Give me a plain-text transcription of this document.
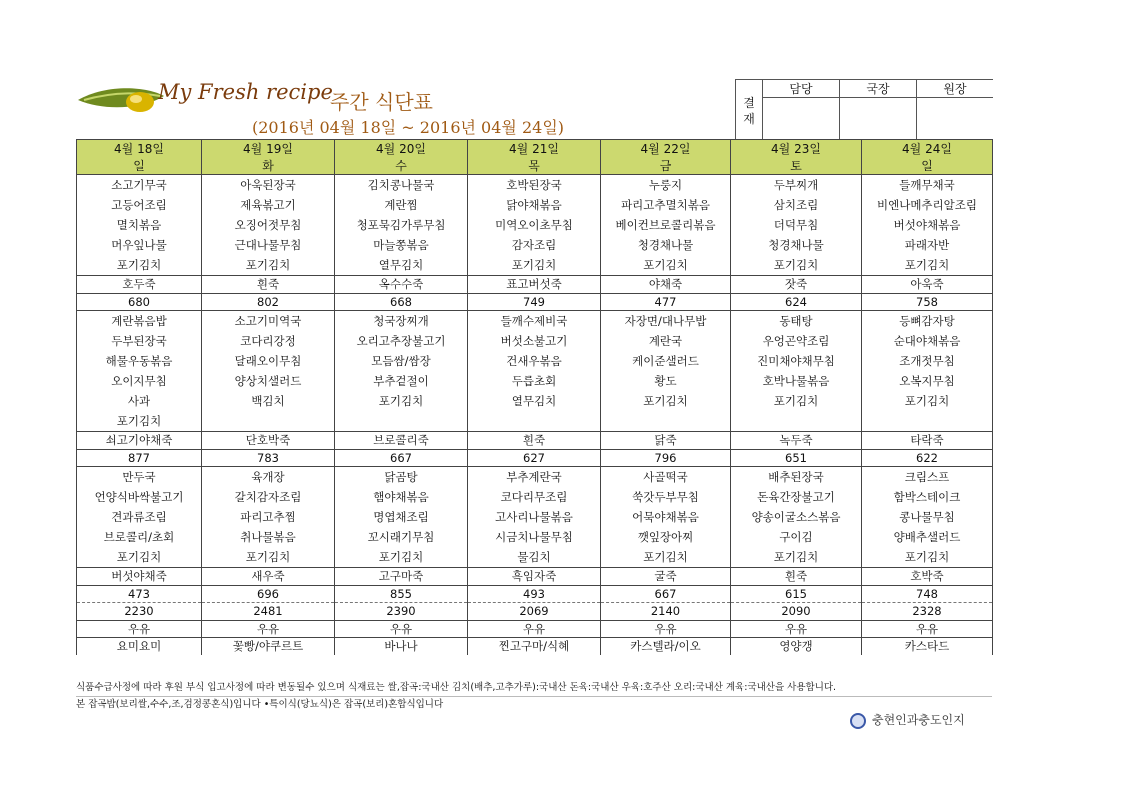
My Fresh recipe
주간 식단표
(2016년 04월 18일 ~ 2016년 04월 24일)
결
재	담당	국장	원장

4월 18일	4월 19일	4월 20일	4월 21일	4월 22일	4월 23일	4월 24일
일	화	수	목	금	토	일
소고기무국	아욱된장국	김치콩나물국	호박된장국	누룽지	두부찌개	들깨무채국
고등어조림	제육볶고기	계란찜	닭야채볶음	파리고추멸치볶음	삼치조림	비엔나메추리알조림
멸치볶음	오징어젓무침	청포묵김가루무침	미역오이초무침	베이컨브로콜리볶음	더덕무침	버섯야채볶음
머우잎나물	근대나물무침	마늘쫑볶음	감자조림	청경채나물	청경채나물	파래자반
포기김치	포기김치	열무김치	포기김치	포기김치	포기김치	포기김치
호두죽	흰죽	옥수수죽	표고버섯죽	야채죽	잣죽	아욱죽
680	802	668	749	477	624	758
계란볶음밥	소고기미역국	청국장찌개	들깨수제비국	자장면/대나무밥	동태탕	등뼈감자탕
두부된장국	코다리강정	오리고추장불고기	버섯소불고기	계란국	우엉곤약조림	순대야채볶음
해물우동볶음	달래오이무침	모듬쌈/쌈장	건새우볶음	케이준샐러드	진미채야채무침	조개젓무침
오이지무침	양상치샐러드	부추겉절이	두릅초회	황도	호박나물볶음	오복지무침
사과	백김치	포기김치	열무김치	포기김치	포기김치	포기김치
포기김치						
쇠고기야채죽	단호박죽	브로콜리죽	흰죽	닭죽	녹두죽	타락죽
877	783	667	627	796	651	622
만두국	육개장	닭곰탕	부추계란국	사골떡국	배추된장국	크림스프
언양식바싹불고기	갈치감자조림	햄야채볶음	코다리무조림	쑥갓두부무침	돈육간장불고기	함박스테이크
견과류조림	파리고추찜	명엽채조림	고사리나물볶음	어묵야채볶음	양송이굴소스볶음	콩나물무침
브로콜리/초회	취나물볶음	꼬시래기무침	시금치나물무침	깻잎장아찌	구이김	양배추샐러드
포기김치	포기김치	포기김치	물김치	포기김치	포기김치	포기김치
버섯야채죽	새우죽	고구마죽	흑임자죽	굴죽	흰죽	호박죽
473	696	855	493	667	615	748
2230	2481	2390	2069	2140	2090	2328
우유	우유	우유	우유	우유	우유	우유
요미요미	꽃빵/야쿠르트	바나나	찐고구마/식혜	카스텔라/이오	영양갱	카스타드
식품수급사정에 따라 후원 부식 입고사정에 따라 변동될수 있으며 식재료는 쌀,잡곡:국내산 김치(배추,고추가루):국내산 돈육:국내산 우육:호주산 오리:국내산 계육:국내산을 사용합니다.
본 잡곡밥(보리쌀,수수,조,검정콩혼식)입니다 •특이식(당뇨식)은 잡곡(보리)혼합식입니다
충현인과충도인지
